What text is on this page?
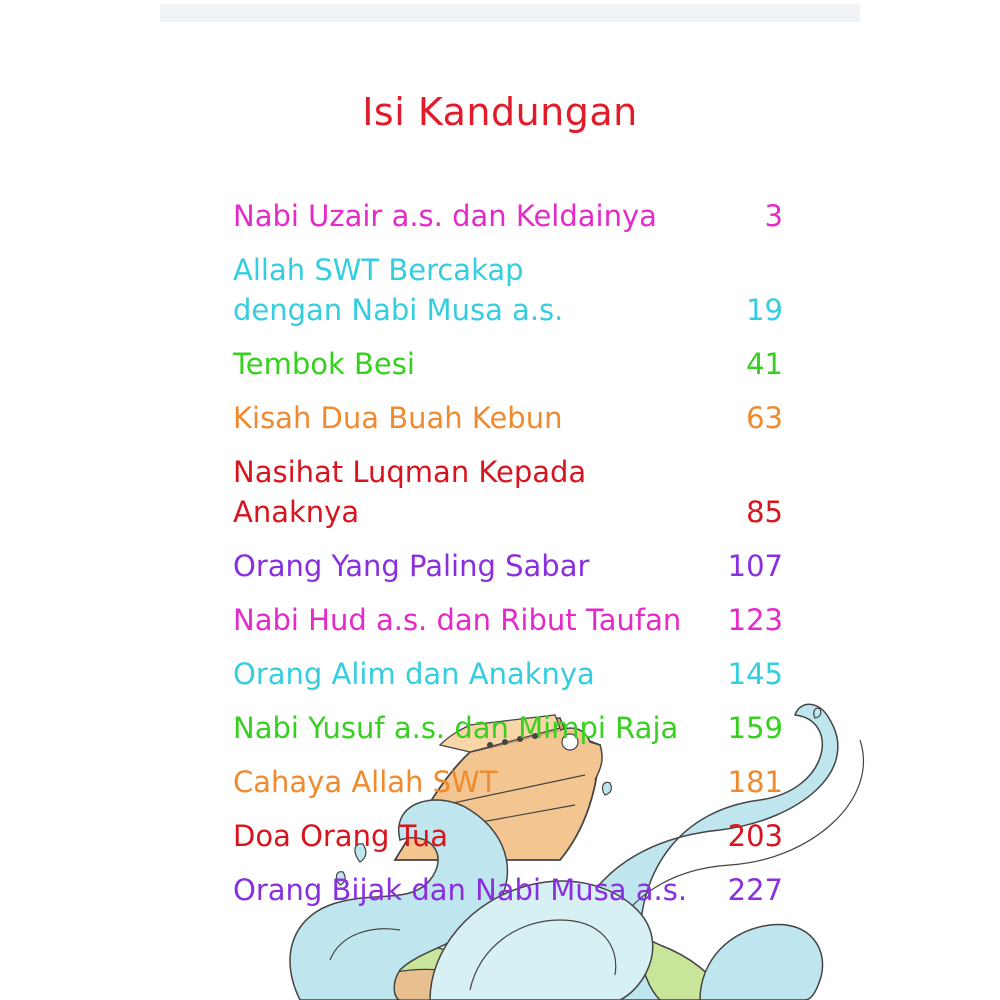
Isi Kandungan
Nabi Uzair a.s. dan Keldainya	3
Allah SWT Bercakap
dengan Nabi Musa a.s.	19
Tembok Besi	41
Kisah Dua Buah Kebun	63
Nasihat Luqman Kepada Anaknya	85
Orang Yang Paling Sabar	107
Nabi Hud a.s. dan Ribut Taufan 123
Orang Alim dan Anaknya	145
Nabi Yusuf a.s. dan Mimpi Raja 159
Cahaya Allah SWT	181
Doa Orang Tua	203
Orang Bijak dan Nabi Musa a.s. 227
